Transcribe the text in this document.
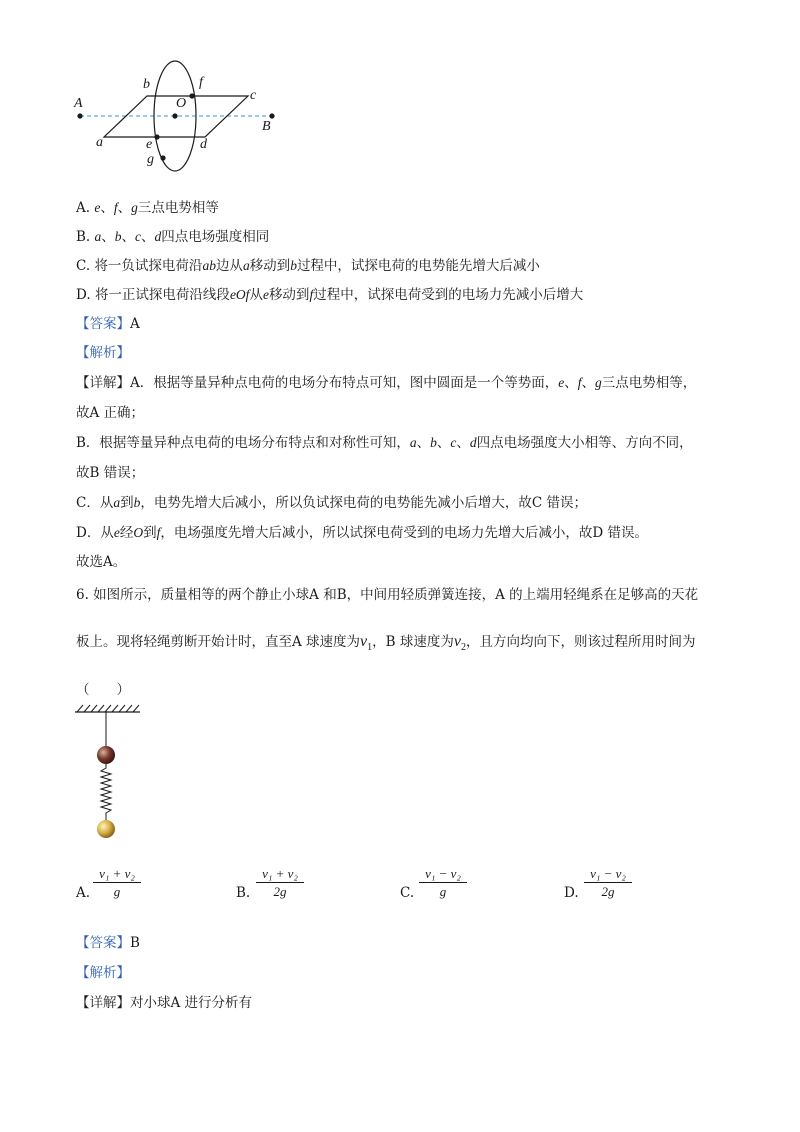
A
B
O
b	f
c
a	e	d
g
A. e、f、g三点电势相等
B. a、b、c、d四点电场强度相同
C. 将一负试探电荷沿ab边从a移动到b过程中，试探电荷的电势能先增大后减小
D. 将一正试探电荷沿线段eOf从e移动到f过程中，试探电荷受到的电场力先减小后增大
【答案】A
【解析】
【详解】A．根据等量异种点电荷的电场分布特点可知，图中圆面是一个等势面，e、f、g三点电势相等，
故A 正确；
B．根据等量异种点电荷的电场分布特点和对称性可知，a、b、c、d四点电场强度大小相等、方向不同，
故B 错误；
C．从a到b，电势先增大后减小，所以负试探电荷的电势能先减小后增大，故C 错误；
D．从e经O到f，电场强度先增大后减小，所以试探电荷受到的电场力先增大后减小，故D 错误。
故选A。
6. 如图所示，质量相等的两个静止小球A 和B，中间用轻质弹簧连接，A 的上端用轻绳系在足够高的天花
板上。现将轻绳剪断开始计时，直至A 球速度为$v_1$，B 球速度为$v_2$，且方向均向下，则该过程所用时间为
（　　）
A. $\frac{\text{v₁ + v₂}}{g}$	B. $\frac{\text{v₁ + v₂}}{2g}$	C. $\frac{\text{v₁ − v₂}}{g}$	D. $\frac{\text{v₁ − v₂}}{2g}$
【答案】B
【解析】
【详解】对小球A 进行分析有
